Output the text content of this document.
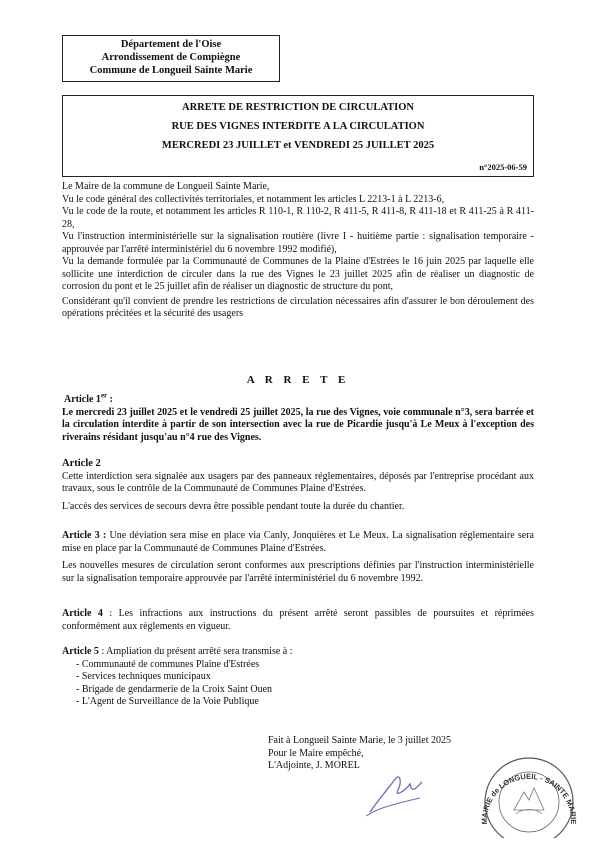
Département de l'Oise
Arrondissement de Compiègne
Commune de Longueil Sainte Marie
ARRETE DE RESTRICTION DE CIRCULATION
RUE DES VIGNES INTERDITE A LA CIRCULATION
MERCREDI 23 JUILLET et VENDREDI 25 JUILLET 2025
n°2025-06-59
Le Maire de la commune de Longueil Sainte Marie,
Vu le code général des collectivités territoriales, et notamment les articles L 2213-1 à L 2213-6,
Vu le code de la route, et notamment les articles R 110-1, R 110-2, R 411-5, R 411-8, R 411-18 et R 411-25 à R 411-28,
Vu l'instruction interministérielle sur la signalisation routière (livre I - huitième partie : signalisation temporaire - approuvée par l'arrêté interministériel du 6 novembre 1992 modifié),
Vu la demande formulée par la Communauté de Communes de la Plaine d'Estrées le 16 juin 2025 par laquelle elle sollicite une interdiction de circuler dans la rue des Vignes le 23 juillet 2025 afin de réaliser un diagnostic de corrosion du pont et le 25 juillet afin de réaliser un diagnostic de structure du pont,
Considérant qu'il convient de prendre les restrictions de circulation nécessaires afin d'assurer le bon déroulement des opérations précitées et la sécurité des usagers
A R R E T E
Article 1er :
Le mercredi 23 juillet 2025 et le vendredi 25 juillet 2025, la rue des Vignes, voie communale n°3, sera barrée et la circulation interdite à partir de son intersection avec la rue de Picardie jusqu'à Le Meux à l'exception des riverains résidant jusqu'au n°4 rue des Vignes.
Article 2
Cette interdiction sera signalée aux usagers par des panneaux réglementaires, déposés par l'entreprise procédant aux travaux, sous le contrôle de la Communauté de Communes Plaine d'Estrées.
L'accès des services de secours devra être possible pendant toute la durée du chantier.
Article 3 : Une déviation sera mise en place via Canly, Jonquières et Le Meux. La signalisation réglementaire sera mise en place par la Communauté de Communes Plaine d'Estrées.
Les nouvelles mesures de circulation seront conformes aux prescriptions définies par l'instruction interministérielle sur la signalisation temporaire approuvée par l'arrêté interministériel du 6 novembre 1992.
Article 4 : Les infractions aux instructions du présent arrêté seront passibles de poursuites et réprimées conformément aux règlements en vigueur.
Article 5 : Ampliation du présent arrêté sera transmise à :
- Communauté de communes Plaine d'Estrées
- Services techniques municipaux
- Brigade de gendarmerie de la Croix Saint Ouen
- L'Agent de Surveillance de la Voie Publique
Fait à Longueil Sainte Marie, le 3 juillet 2025
Pour le Maire empêché,
L'Adjointe, J. MOREL
MAIRIE de LONGUEIL - SAINTE MARIE
